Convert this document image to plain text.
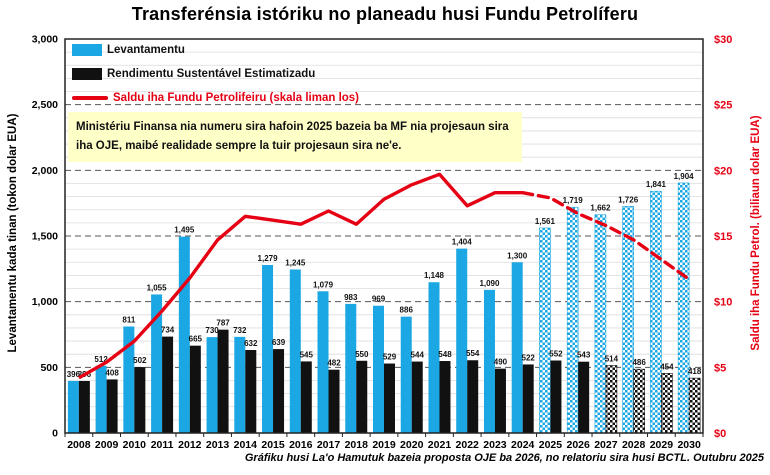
Transferénsia istóriku no planeadu husi Fundu Petrolíferu
396
396
512
408
811
502
1,055
734
1,495
665
730
787
732
632
1,279
639
1,245
545
1,079
482
983
550
969
529
886
544
1,148
548
1,404
554
1,090
490
1,300
522
1,561
552
1,719
543
1,662
514
1,726
486
1,841
454
1,904
418
0
500
1,000
1,500
2,000
2,500
3,000
$0
$5
$10
$15
$20
$25
$30
2008 2009 2010 2011 2012 2013 2014 2015 2016 2017 2018 2019 2020 2021 2022 2023 2024 2025 2026 2027 2028 2029 2030
Levantamentu
Rendimentu Sustentável Estimatizadu
Saldu iha Fundu Petrolifeiru (skala liman los)
Ministériu Finansa nia numeru sira hafoin 2025 bazeia ba MF nia projesaun sira iha OJE, maibé realidade sempre la tuir projesaun sira ne'e.
Levantamentu kada tinan (tokon dolar EUA)	Saldu iha Fundu Petrol. (biliaun dolar EUA)
Gráfiku husi La'o Hamutuk bazeia proposta OJE ba 2026, no relatoriu sira husi BCTL. Outubru 2025
